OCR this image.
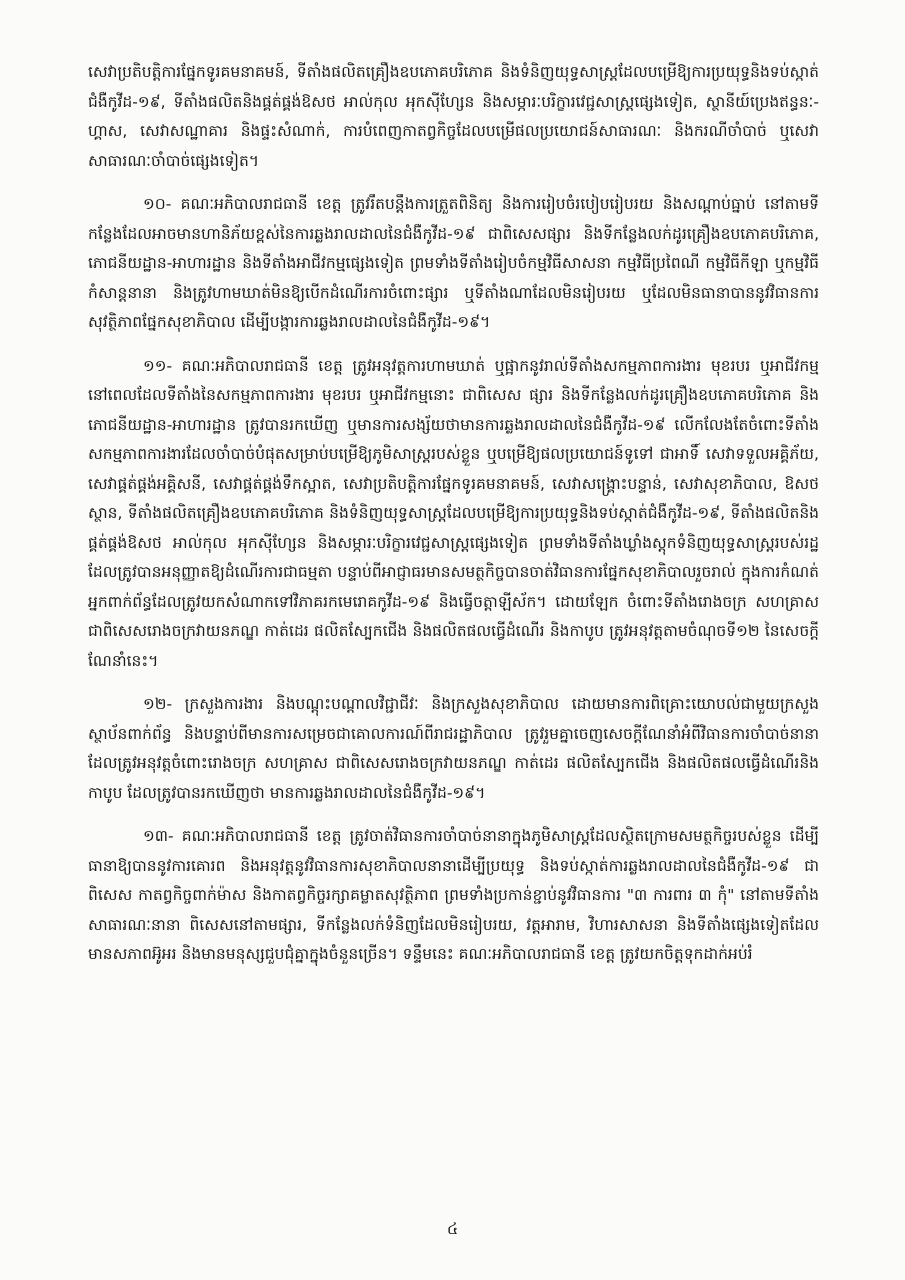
សេវាប្រតិបត្តិការផ្នែកទូរគមនាគមន៍, ទីតាំងផលិតគ្រឿងឧបភោគបរិភោគ និងទំនិញយុទ្ធសាស្ត្រដែលបម្រើឱ្យការប្រយុទ្ធនិងទប់ស្កាត់ជំងឺកូវីដ-១៩, ទីតាំងផលិតនិងផ្គត់ផ្គង់ឱសថ អាល់កុល អុកស៊ីហ្សែន និងសម្ភារៈបរិក្ខារវេជ្ជសាស្ត្រផ្សេងទៀត, ស្ថានីយ៍ប្រេងឥន្ធនៈ-ហ្គាស, សេវាសណ្ឋាគារ និងផ្ទះសំណាក់, ការបំពេញកាតព្វកិច្ចដែលបម្រើផលប្រយោជន៍សាធារណៈ និងករណីចាំបាច់ ឬសេវាសាធារណៈចាំបាច់ផ្សេងទៀត។

១០- គណៈអភិបាលរាជធានី ខេត្ត ត្រូវរឹតបន្តឹងការត្រួតពិនិត្យ និងការរៀបចំរបៀបរៀបរយ និងសណ្ដាប់ធ្នាប់ នៅតាមទីកន្លែងដែលអាចមានហានិភ័យខ្ពស់នៃការឆ្លងរាលដាលនៃជំងឺកូវីដ-១៩ ជាពិសេសផ្សារ និងទីកន្លែងលក់ដូរគ្រឿងឧបភោគបរិភោគ, ភោជនីយដ្ឋាន-អាហារដ្ឋាន និងទីតាំងអាជីវកម្មផ្សេងទៀត ព្រមទាំងទីតាំងរៀបចំកម្មវិធីសាសនា កម្មវិធីប្រពៃណី កម្មវិធីកីឡា ឬកម្មវិធីកំសាន្តនានា និងត្រូវហាមឃាត់មិនឱ្យបើកដំណើរការចំពោះផ្សារ ឬទីតាំងណាដែលមិនរៀបរយ ឬដែលមិនធានាបាននូវវិធានការសុវត្ថិភាពផ្នែកសុខាភិបាល ដើម្បីបង្ការការឆ្លងរាលដាលនៃជំងឺកូវីដ-១៩។

១១- គណៈអភិបាលរាជធានី ខេត្ត ត្រូវអនុវត្តការហាមឃាត់ ឬផ្អាកនូវរាល់ទីតាំងសកម្មភាពការងារ មុខរបរ ឬអាជីវកម្ម នៅពេលដែលទីតាំងនៃសកម្មភាពការងារ មុខរបរ ឬអាជីវកម្មនោះ ជាពិសេស ផ្សារ និងទីកន្លែងលក់ដូរគ្រឿងឧបភោគបរិភោគ និងភោជនីយដ្ឋាន-អាហារដ្ឋាន ត្រូវបានរកឃើញ ឬមានការសង្ស័យថាមានការឆ្លងរាលដាលនៃជំងឺកូវីដ-១៩ លើកលែងតែចំពោះទីតាំងសកម្មភាពការងារដែលចាំបាច់បំផុតសម្រាប់បម្រើឱ្យភូមិសាស្ត្ររបស់ខ្លួន ឬបម្រើឱ្យផលប្រយោជន៍ទូទៅ ជាអាទិ៍ សេវាទទួលអគ្គិភ័យ, សេវាផ្គត់ផ្គង់អគ្គិសនី, សេវាផ្គត់ផ្គង់ទឹកស្អាត, សេវាប្រតិបត្តិការផ្នែកទូរគមនាគមន៍, សេវាសង្គ្រោះបន្ទាន់, សេវាសុខាភិបាល, ឱសថស្ថាន, ទីតាំងផលិតគ្រឿងឧបភោគបរិភោគ និងទំនិញយុទ្ធសាស្ត្រដែលបម្រើឱ្យការប្រយុទ្ធនិងទប់ស្កាត់ជំងឺកូវីដ-១៩, ទីតាំងផលិតនិងផ្គត់ផ្គង់ឱសថ អាល់កុល អុកស៊ីហ្សែន និងសម្ភារៈបរិក្ខារវេជ្ជសាស្ត្រផ្សេងទៀត ព្រមទាំងទីតាំងឃ្លាំងស្តុកទំនិញយុទ្ធសាស្ត្ររបស់រដ្ឋ ដែលត្រូវបានអនុញ្ញាតឱ្យដំណើរការជាធម្មតា បន្ទាប់ពីអាជ្ញាធរមានសមត្ថកិច្ចបានចាត់វិធានការផ្នែកសុខាភិបាលរួចរាល់ ក្នុងការកំណត់អ្នកពាក់ព័ន្ធដែលត្រូវយកសំណាកទៅវិភាគរកមេរោគកូវីដ-១៩ និងធ្វើចត្តាឡីស័ក។ ដោយឡែក ចំពោះទីតាំងរោងចក្រ សហគ្រាស ជាពិសេសរោងចក្រវាយនភណ្ឌ កាត់ដេរ ផលិតស្បែកជើង និងផលិតផលធ្វើដំណើរ និងកាបូប ត្រូវអនុវត្តតាមចំណុចទី១២ នៃសេចក្តីណែនាំនេះ។

១២- ក្រសួងការងារ និងបណ្តុះបណ្តាលវិជ្ជាជីវៈ និងក្រសួងសុខាភិបាល ដោយមានការពិគ្រោះយោបល់ជាមួយក្រសួងស្ថាប័នពាក់ព័ន្ធ និងបន្ទាប់ពីមានការសម្រេចជាគោលការណ៍ពីរាជរដ្ឋាភិបាល ត្រូវរួមគ្នាចេញសេចក្តីណែនាំអំពីវិធានការចាំបាច់នានាដែលត្រូវអនុវត្តចំពោះរោងចក្រ សហគ្រាស ជាពិសេសរោងចក្រវាយនភណ្ឌ កាត់ដេរ ផលិតស្បែកជើង និងផលិតផលធ្វើដំណើរនិងកាបូប ដែលត្រូវបានរកឃើញថា មានការឆ្លងរាលដាលនៃជំងឺកូវីដ-១៩។

១៣- គណៈអភិបាលរាជធានី ខេត្ត ត្រូវចាត់វិធានការចាំបាច់នានាក្នុងភូមិសាស្ត្រដែលស្ថិតក្រោមសមត្ថកិច្ចរបស់ខ្លួន ដើម្បីធានាឱ្យបាននូវការគោរព និងអនុវត្តនូវវិធានការសុខាភិបាលនានាដើម្បីប្រយុទ្ធ និងទប់ស្កាត់ការឆ្លងរាលដាលនៃជំងឺកូវីដ-១៩ ជាពិសេស កាតព្វកិច្ចពាក់ម៉ាស និងកាតព្វកិច្ចរក្សាគម្លាតសុវត្ថិភាព ព្រមទាំងប្រកាន់ខ្ជាប់នូវវិធានការ "៣ ការពារ ៣ កុំ" នៅតាមទីតាំងសាធារណៈនានា ពិសេសនៅតាមផ្សារ, ទីកន្លែងលក់ទំនិញដែលមិនរៀបរយ, វត្តអារាម, វិហារសាសនា និងទីតាំងផ្សេងទៀតដែលមានសភាពអ៊ូអរ និងមានមនុស្សជួបជុំគ្នាក្នុងចំនួនច្រើន។ ទន្ទឹមនេះ គណៈអភិបាលរាជធានី ខេត្ត ត្រូវយកចិត្តទុកដាក់អប់រំ

៤
